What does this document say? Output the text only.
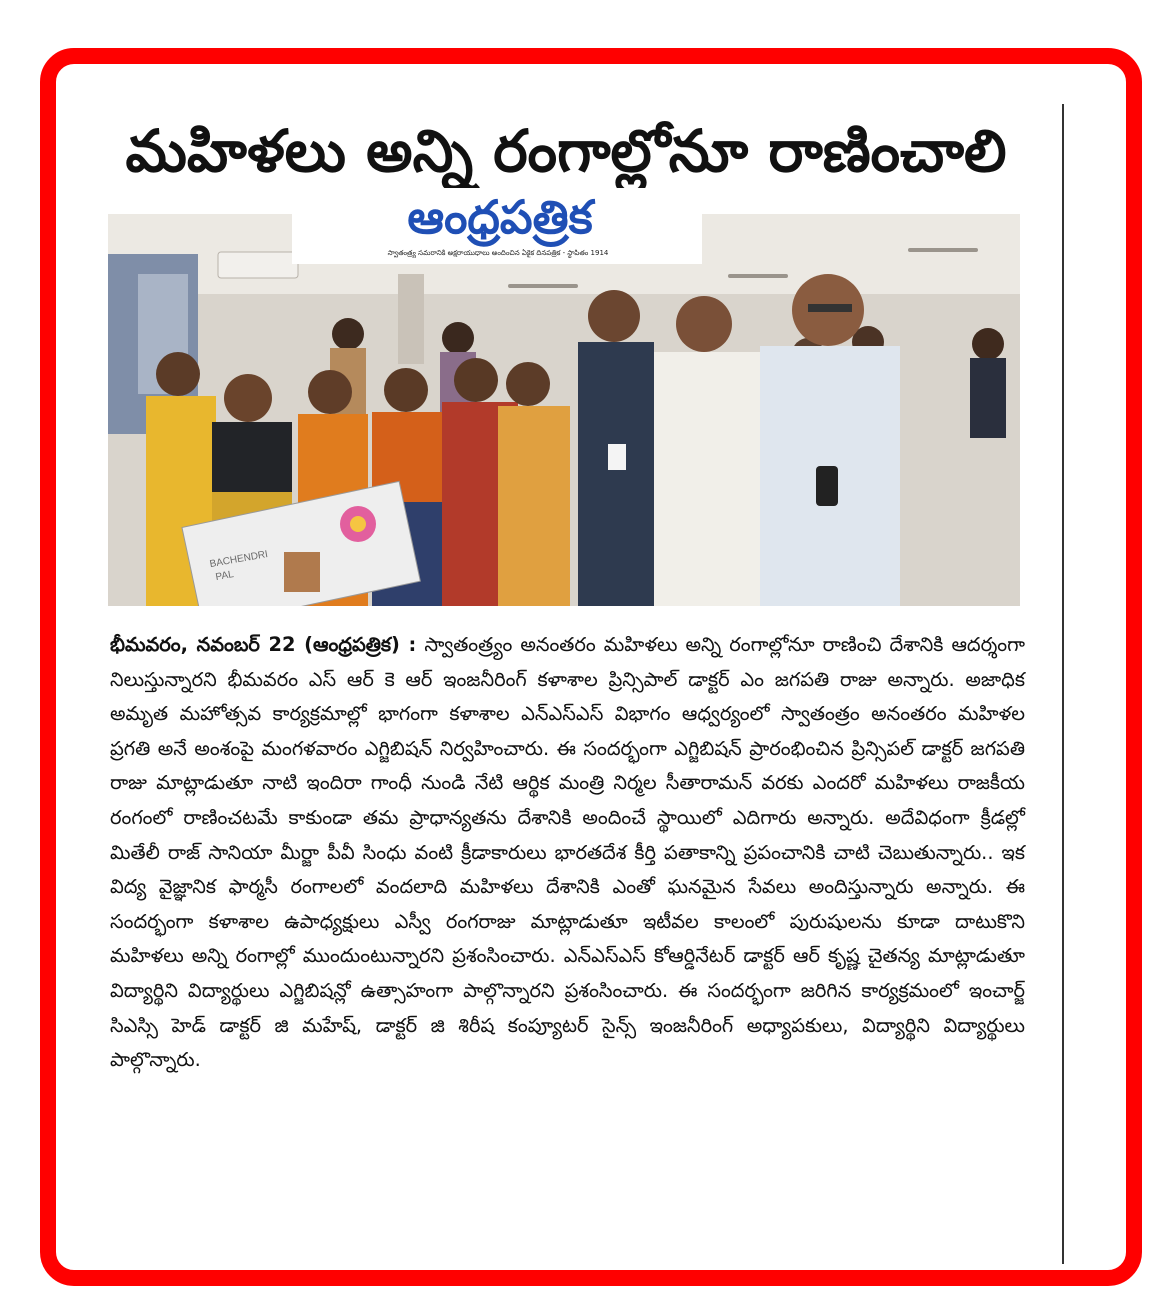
మహిళలు అన్ని రంగాల్లోనూ రాణించాలి
BACHENDRI
PAL
ఆంధ్రపత్రిక
స్వాతంత్ర్య సమరానికి అక్షరాయుధాలు అందించిన ఏకైక దినపత్రిక - స్థాపితం 1914
భీమవరం, నవంబర్ 22 (ఆంధ్రపత్రిక) : స్వాతంత్ర్యం అనంతరం మహిళలు అన్ని రంగాల్లోనూ రాణించి దేశానికి ఆదర్శంగా నిలుస్తున్నారని భీమవరం ఎస్ ఆర్ కె ఆర్ ఇంజనీరింగ్ కళాశాల ప్రిన్సిపాల్ డాక్టర్ ఎం జగపతి రాజు అన్నారు. అజాధిక అమృత మహోత్సవ కార్యక్రమాల్లో భాగంగా కళాశాల ఎన్ఎస్ఎస్ విభాగం ఆధ్వర్యంలో స్వాతంత్రం అనంతరం మహిళల ప్రగతి అనే అంశంపై మంగళవారం ఎగ్జిబిషన్ నిర్వహించారు. ఈ సందర్భంగా ఎగ్జిబిషన్ ప్రారంభించిన ప్రిన్సిపల్ డాక్టర్ జగపతి రాజు మాట్లాడుతూ నాటి ఇందిరా గాంధీ నుండి నేటి ఆర్థిక మంత్రి నిర్మల సీతారామన్ వరకు ఎందరో మహిళలు రాజకీయ రంగంలో రాణించటమే కాకుండా తమ ప్రాధాన్యతను దేశానికి అందించే స్థాయిలో ఎదిగారు అన్నారు. అదేవిధంగా క్రీడల్లో మితేలీ రాజ్ సానియా మీర్జా పీవీ సింధు వంటి క్రీడాకారులు భారతదేశ కీర్తి పతాకాన్ని ప్రపంచానికి చాటి చెబుతున్నారు.. ఇక విద్య వైజ్ఞానిక ఫార్మసీ రంగాలలో వందలాది మహిళలు దేశానికి ఎంతో ఘనమైన సేవలు అందిస్తున్నారు అన్నారు. ఈ సందర్భంగా కళాశాల ఉపాధ్యక్షులు ఎస్వీ రంగరాజు మాట్లాడుతూ ఇటీవల కాలంలో పురుషులను కూడా దాటుకొని మహిళలు అన్ని రంగాల్లో ముందుంటున్నారని ప్రశంసించారు. ఎన్ఎస్ఎస్ కోఆర్డినేటర్ డాక్టర్ ఆర్ కృష్ణ చైతన్య మాట్లాడుతూ విద్యార్థిని విద్యార్థులు ఎగ్జిబిషన్లో ఉత్సాహంగా పాల్గొన్నారని ప్రశంసించారు. ఈ సందర్భంగా జరిగిన కార్యక్రమంలో ఇంచార్జ్ సిఎస్సి హెడ్ డాక్టర్ జి మహేష్, డాక్టర్ జి శిరీష కంప్యూటర్ సైన్స్ ఇంజనీరింగ్ అధ్యాపకులు, విద్యార్థిని విద్యార్థులు పాల్గొన్నారు.
